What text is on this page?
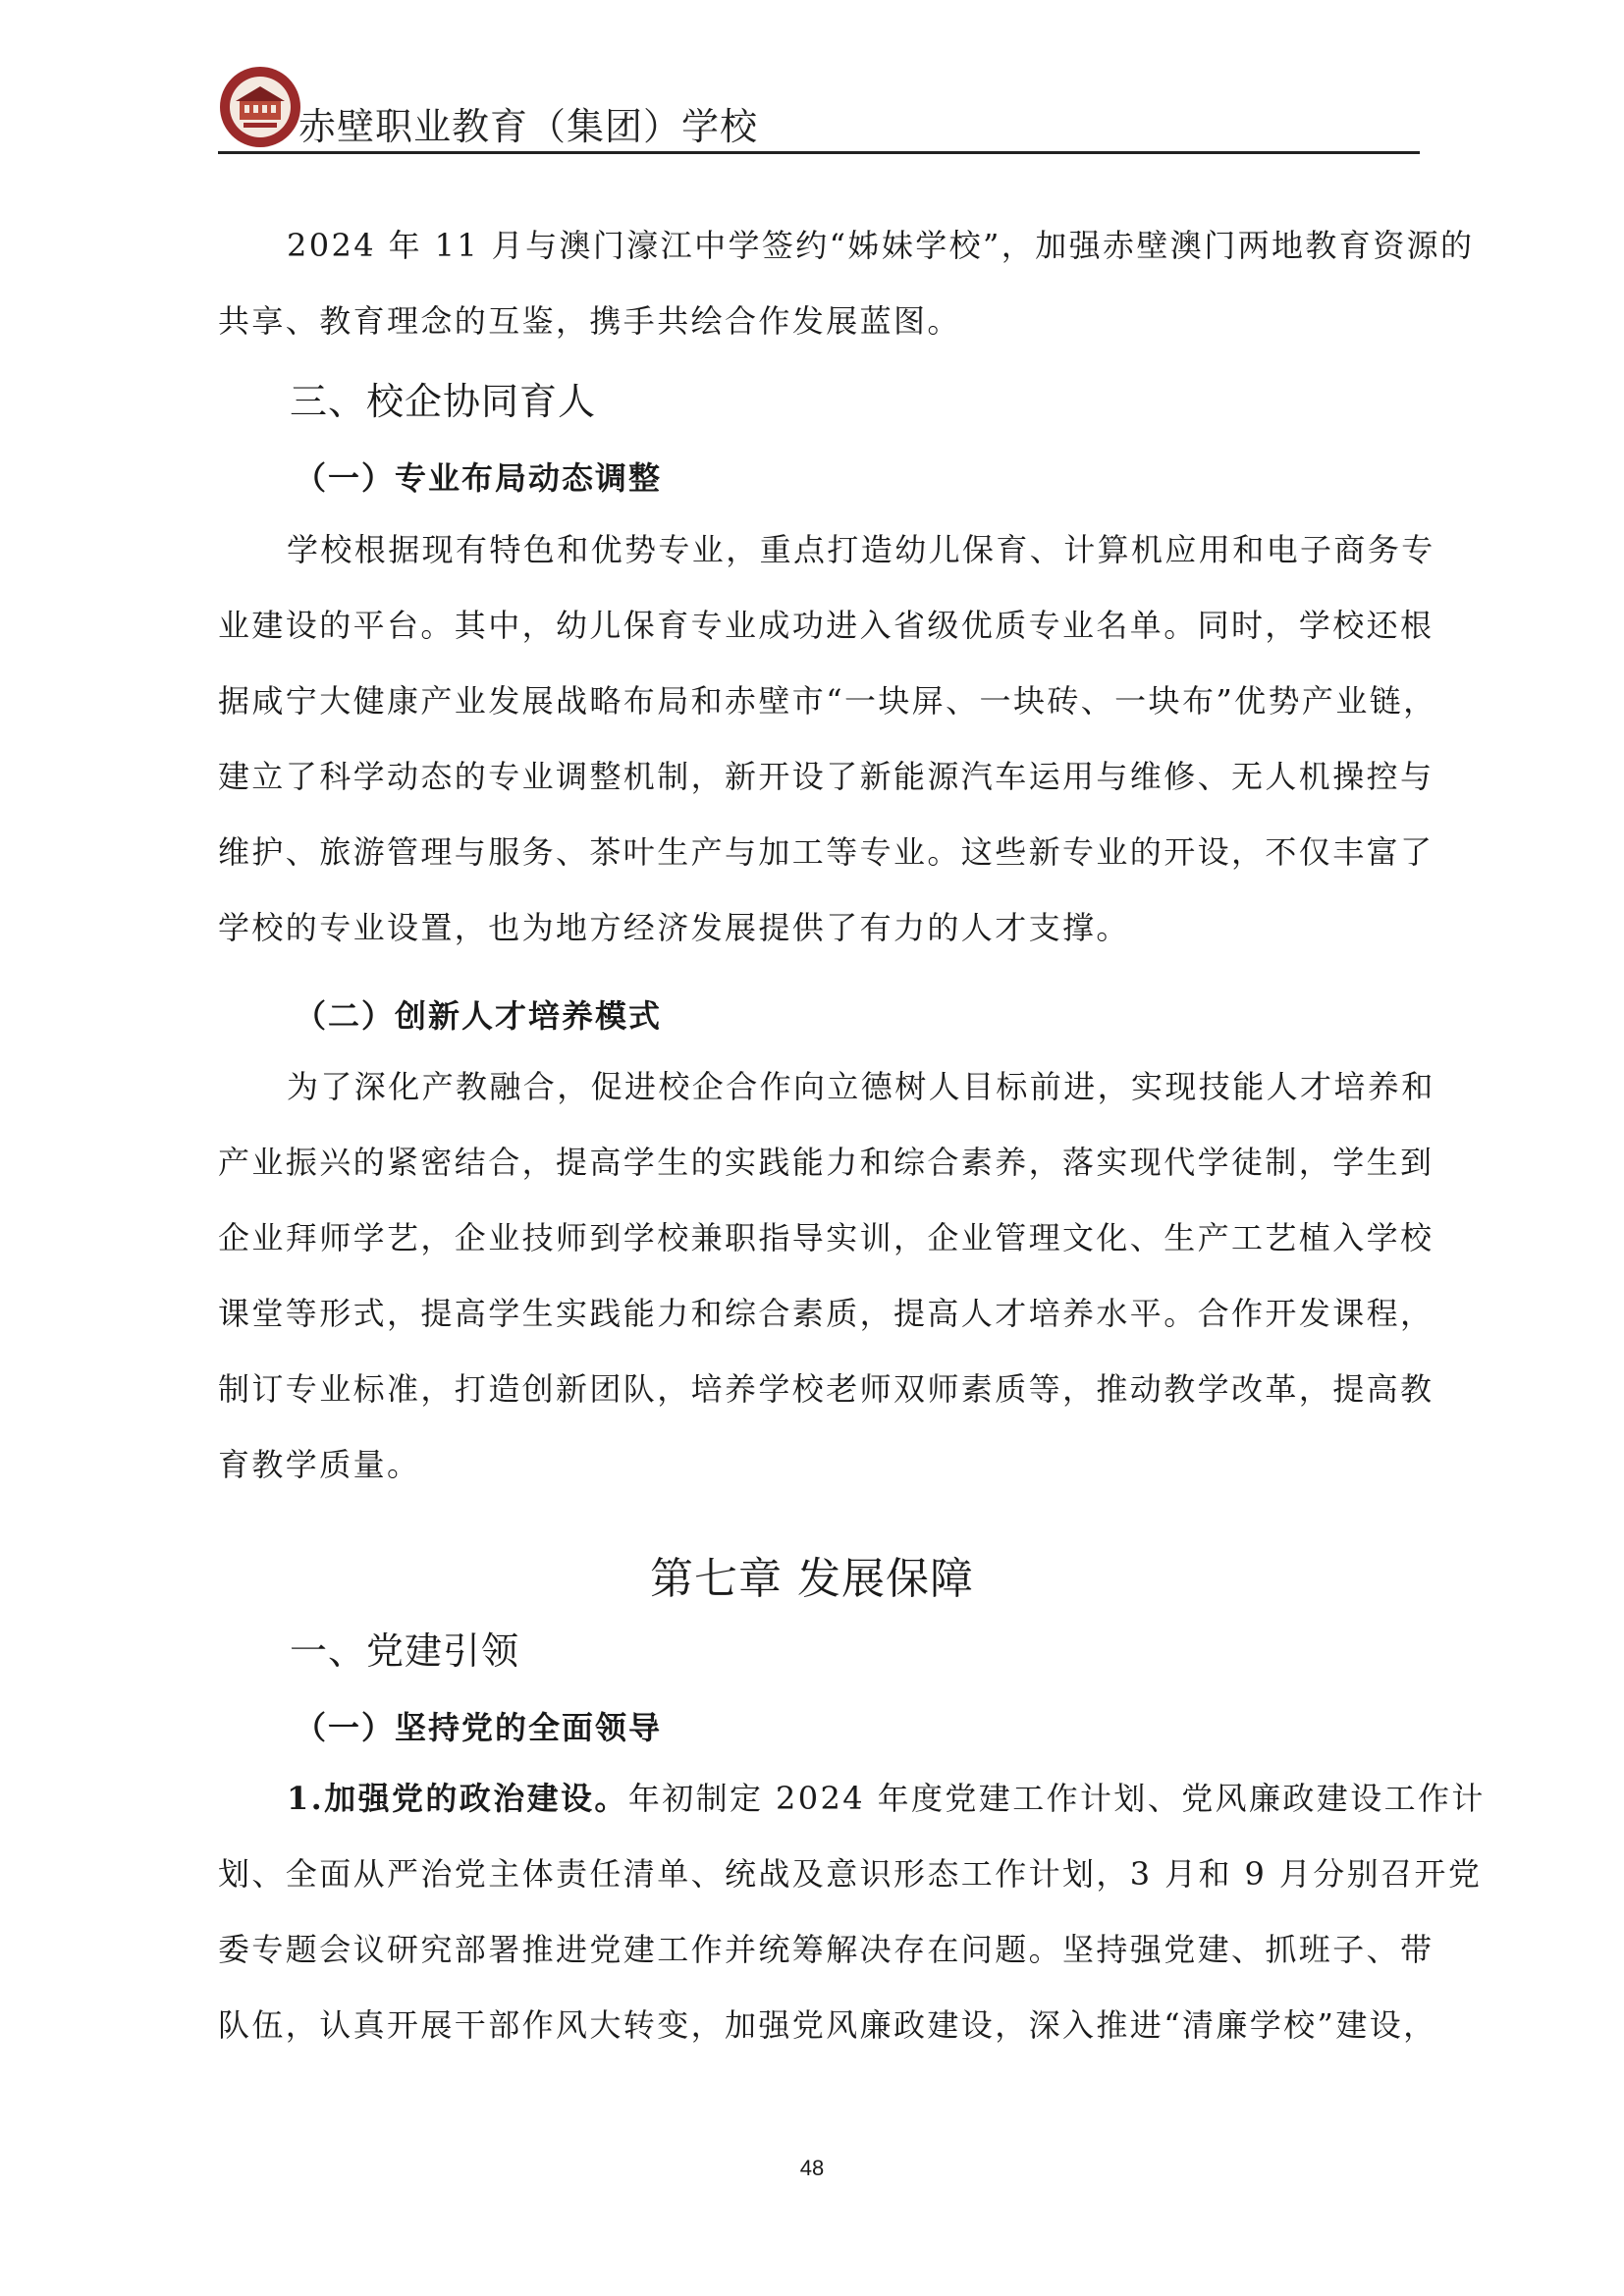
赤壁职业教育（集团）学校
2024 年 11 月与澳门濠江中学签约“姊妹学校”，加强赤壁澳门两地教育资源的
共享、教育理念的互鉴，携手共绘合作发展蓝图。
三、校企协同育人
（一）专业布局动态调整
学校根据现有特色和优势专业，重点打造幼儿保育、计算机应用和电子商务专
业建设的平台。其中，幼儿保育专业成功进入省级优质专业名单。同时，学校还根
据咸宁大健康产业发展战略布局和赤壁市“一块屏、一块砖、一块布”优势产业链，
建立了科学动态的专业调整机制，新开设了新能源汽车运用与维修、无人机操控与
维护、旅游管理与服务、茶叶生产与加工等专业。这些新专业的开设，不仅丰富了
学校的专业设置，也为地方经济发展提供了有力的人才支撑。
（二）创新人才培养模式
为了深化产教融合，促进校企合作向立德树人目标前进，实现技能人才培养和
产业振兴的紧密结合，提高学生的实践能力和综合素养，落实现代学徒制，学生到
企业拜师学艺，企业技师到学校兼职指导实训，企业管理文化、生产工艺植入学校
课堂等形式，提高学生实践能力和综合素质，提高人才培养水平。合作开发课程，
制订专业标准，打造创新团队，培养学校老师双师素质等，推动教学改革，提高教
育教学质量。
第七章 发展保障
一、党建引领
（一）坚持党的全面领导
1.加强党的政治建设。年初制定 2024 年度党建工作计划、党风廉政建设工作计
划、全面从严治党主体责任清单、统战及意识形态工作计划，3 月和 9 月分别召开党
委专题会议研究部署推进党建工作并统筹解决存在问题。坚持强党建、抓班子、带
队伍，认真开展干部作风大转变，加强党风廉政建设，深入推进“清廉学校”建设，
48
